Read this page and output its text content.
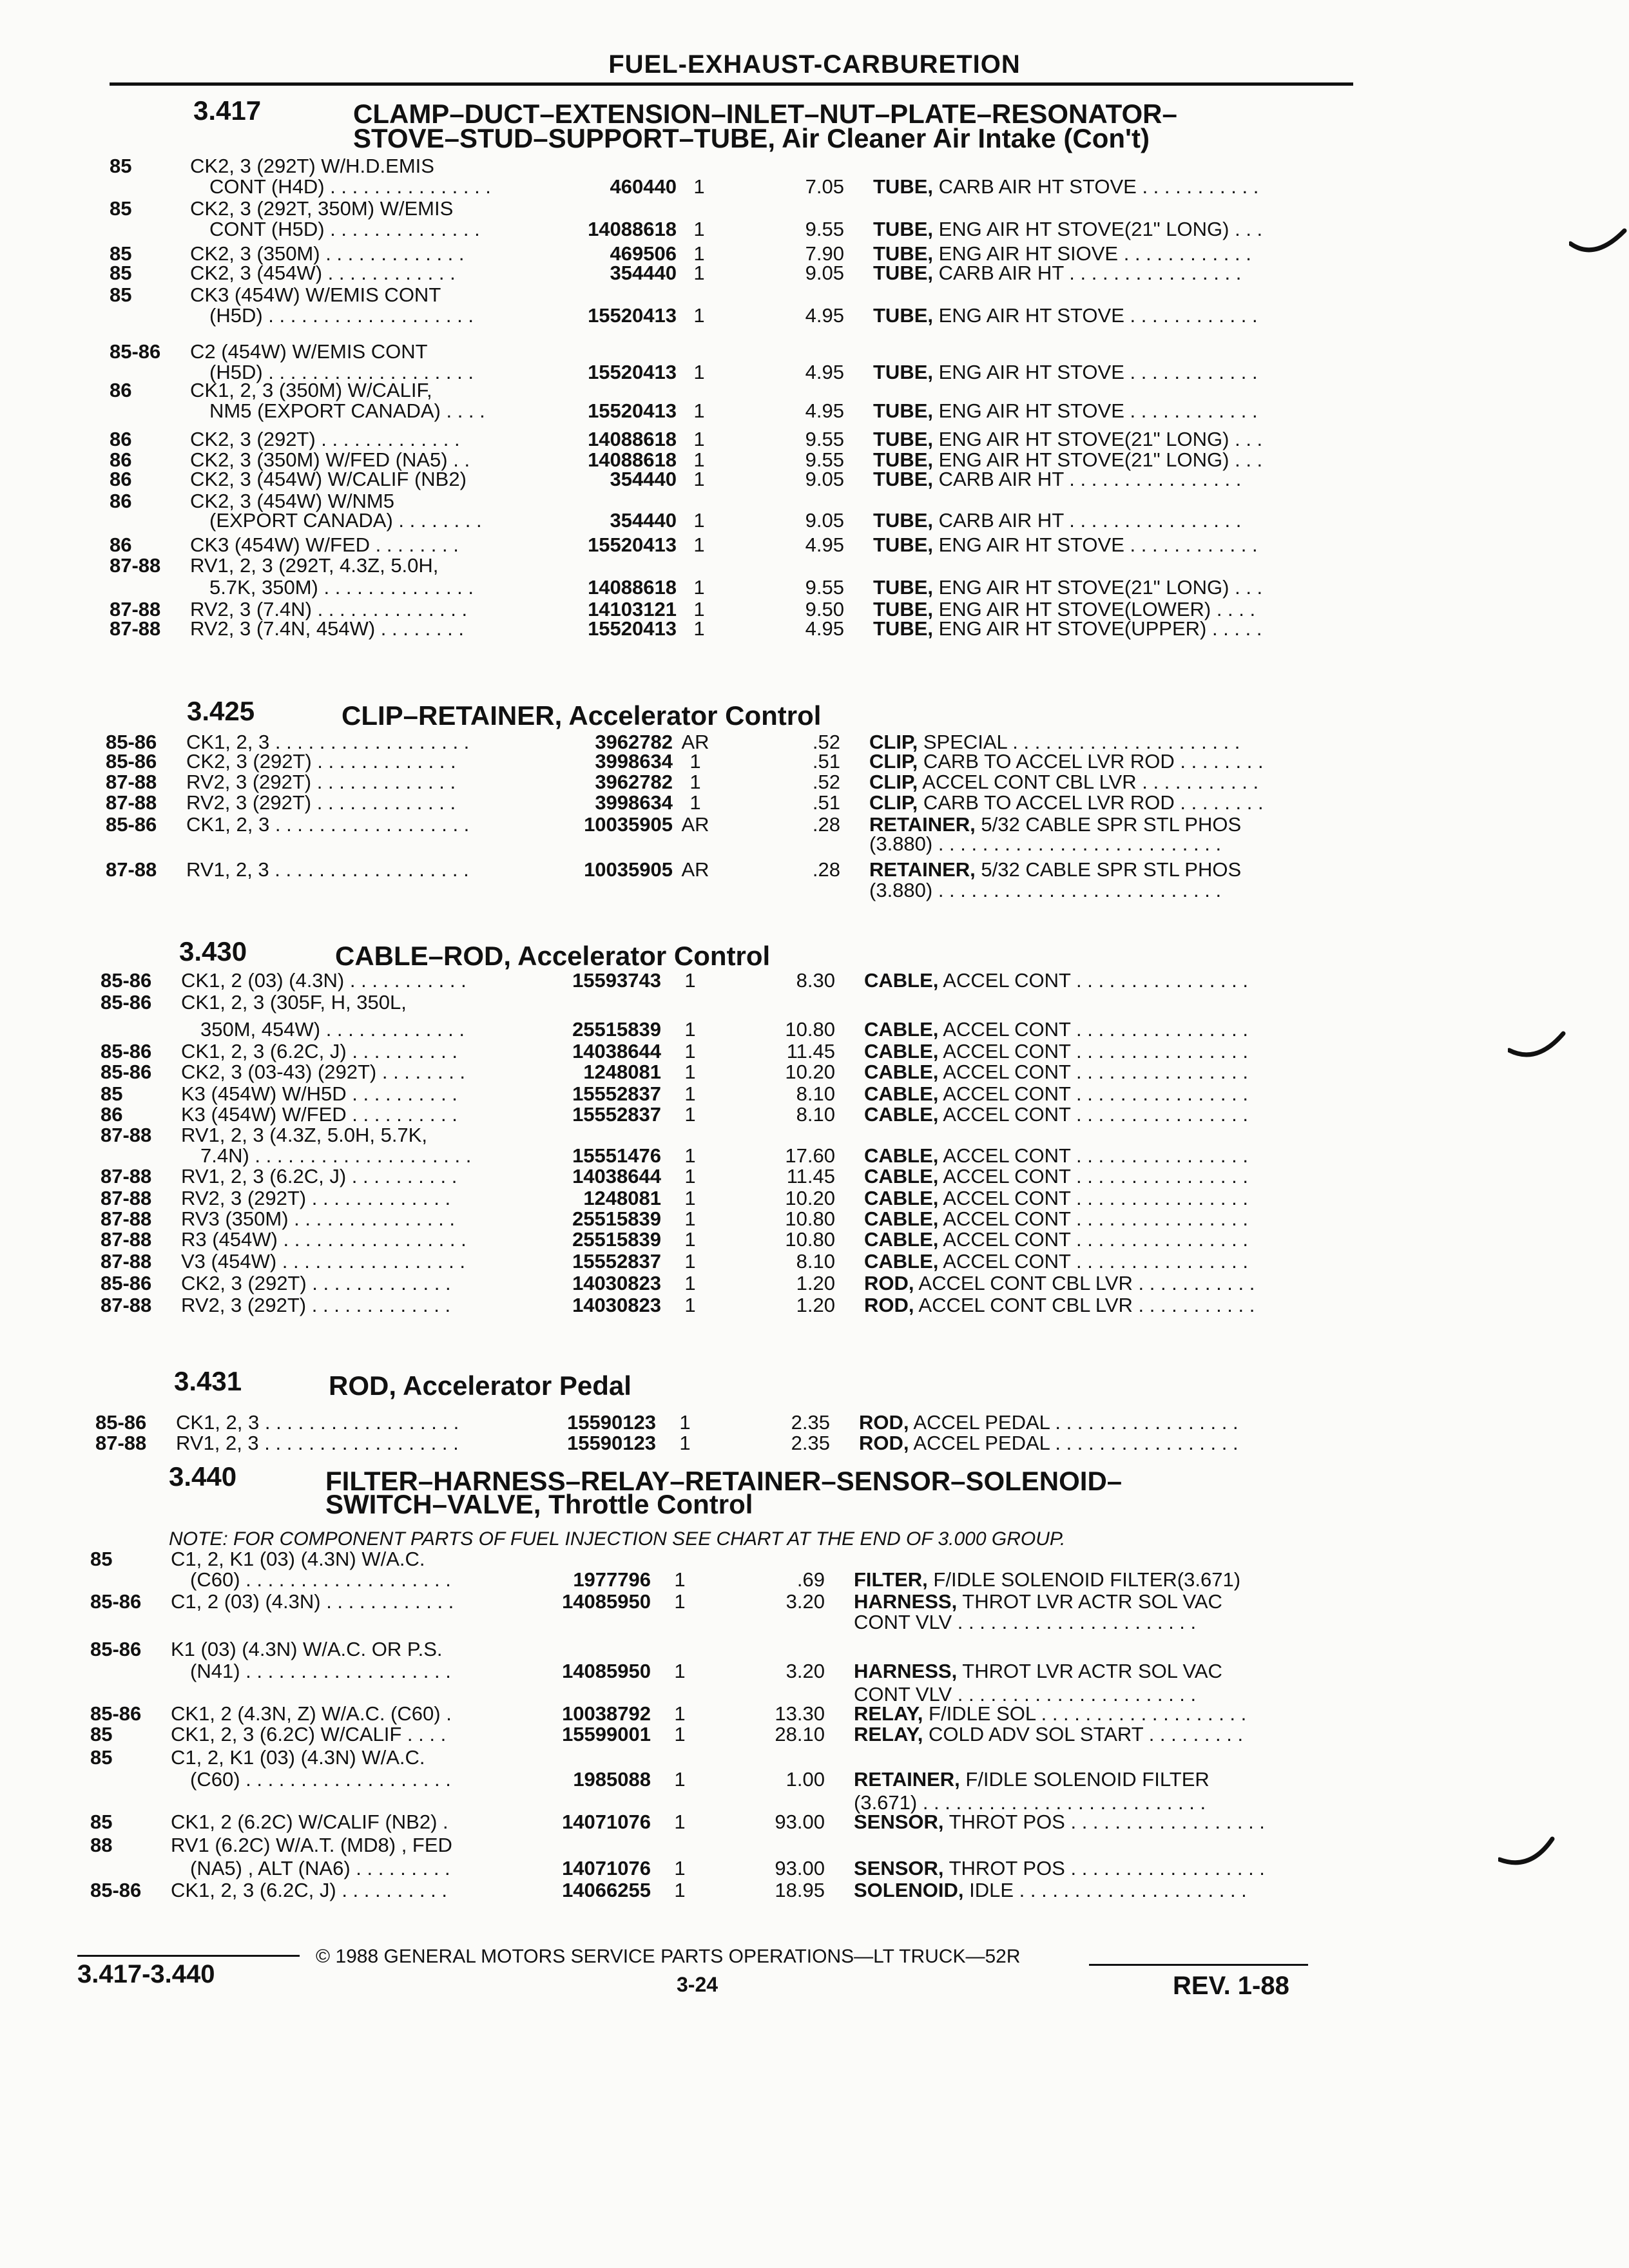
FUEL-EXHAUST-CARBURETION
3.417	CLAMP–DUCT–EXTENSION–INLET–NUT–PLATE–RESONATOR–
STOVE–STUD–SUPPORT–TUBE, Air Cleaner Air Intake (Con't)
3.425	CLIP–RETAINER, Accelerator Control
3.430	CABLE–ROD, Accelerator Control
3.431	ROD, Accelerator Pedal
3.440	FILTER–HARNESS–RELAY–RETAINER–SENSOR–SOLENOID–
SWITCH–VALVE, Throttle Control
NOTE: FOR COMPONENT PARTS OF FUEL INJECTION SEE CHART AT THE END OF 3.000 GROUP.
85	CK2, 3 (292T) W/H.D.EMIS
CONT (H4D) . . . . . . . . . . . . . . .	460440 1	7.05 TUBE, CARB AIR HT STOVE . . . . . . . . . . .
85	CK2, 3 (292T, 350M) W/EMIS
CONT (H5D) . . . . . . . . . . . . . .	14088618 1	9.55 TUBE, ENG AIR HT STOVE(21" LONG) . . .
85	CK2, 3 (350M) . . . . . . . . . . . . .	469506 1	7.90 TUBE, ENG AIR HT SIOVE . . . . . . . . . . . .
85	CK2, 3 (454W) . . . . . . . . . . . .	354440 1	9.05 TUBE, CARB AIR HT . . . . . . . . . . . . . . . .
85	CK3 (454W) W/EMIS CONT
(H5D) . . . . . . . . . . . . . . . . . . .	15520413 1	4.95 TUBE, ENG AIR HT STOVE . . . . . . . . . . . .
85-86 C2 (454W) W/EMIS CONT
(H5D) . . . . . . . . . . . . . . . . . . .	15520413 1	4.95 TUBE, ENG AIR HT STOVE . . . . . . . . . . . .
86	CK1, 2, 3 (350M) W/CALIF,
NM5 (EXPORT CANADA) . . . .	15520413 1	4.95 TUBE, ENG AIR HT STOVE . . . . . . . . . . . .
86	CK2, 3 (292T) . . . . . . . . . . . . .	14088618 1	9.55 TUBE, ENG AIR HT STOVE(21" LONG) . . .
86	CK2, 3 (350M) W/FED (NA5) . .	14088618 1	9.55 TUBE, ENG AIR HT STOVE(21" LONG) . . .
86	CK2, 3 (454W) W/CALIF (NB2)	354440 1	9.05 TUBE, CARB AIR HT . . . . . . . . . . . . . . . .
86	CK2, 3 (454W) W/NM5
(EXPORT CANADA) . . . . . . . .	354440 1	9.05 TUBE, CARB AIR HT . . . . . . . . . . . . . . . .
86	CK3 (454W) W/FED . . . . . . . .	15520413 1	4.95 TUBE, ENG AIR HT STOVE . . . . . . . . . . . .
87-88 RV1, 2, 3 (292T, 4.3Z, 5.0H,
5.7K, 350M) . . . . . . . . . . . . . .	14088618 1	9.55 TUBE, ENG AIR HT STOVE(21" LONG) . . .
87-88 RV2, 3 (7.4N) . . . . . . . . . . . . . .	14103121 1	9.50 TUBE, ENG AIR HT STOVE(LOWER) . . . .
87-88 RV2, 3 (7.4N, 454W) . . . . . . . .	15520413 1	4.95 TUBE, ENG AIR HT STOVE(UPPER) . . . . .
85-86 CK1, 2, 3 . . . . . . . . . . . . . . . . . .	3962782 AR	.52 CLIP, SPECIAL . . . . . . . . . . . . . . . . . . . . .
85-86 CK2, 3 (292T) . . . . . . . . . . . . .	3998634 1	.51 CLIP, CARB TO ACCEL LVR ROD . . . . . . . .
87-88 RV2, 3 (292T) . . . . . . . . . . . . .	3962782 1	.52 CLIP, ACCEL CONT CBL LVR . . . . . . . . . . .
87-88 RV2, 3 (292T) . . . . . . . . . . . . .	3998634 1	.51 CLIP, CARB TO ACCEL LVR ROD . . . . . . . .
85-86 CK1, 2, 3 . . . . . . . . . . . . . . . . . .	10035905 AR	.28 RETAINER, 5/32 CABLE SPR STL PHOS
(3.880) . . . . . . . . . . . . . . . . . . . . . . . . . .
87-88 RV1, 2, 3 . . . . . . . . . . . . . . . . . .	10035905 AR	.28 RETAINER, 5/32 CABLE SPR STL PHOS
(3.880) . . . . . . . . . . . . . . . . . . . . . . . . . .
85-86 CK1, 2 (03) (4.3N) . . . . . . . . . . .	15593743	1	8.30 CABLE, ACCEL CONT . . . . . . . . . . . . . . . .
85-86 CK1, 2, 3 (305F, H, 350L,
350M, 454W) . . . . . . . . . . . . .	25515839	1	10.80 CABLE, ACCEL CONT . . . . . . . . . . . . . . . .
85-86 CK1, 2, 3 (6.2C, J) . . . . . . . . . .	14038644	1	11.45 CABLE, ACCEL CONT . . . . . . . . . . . . . . . .
85-86 CK2, 3 (03-43) (292T) . . . . . . . .	1248081	1	10.20 CABLE, ACCEL CONT . . . . . . . . . . . . . . . .
85	K3 (454W) W/H5D . . . . . . . . . .	15552837	1	8.10 CABLE, ACCEL CONT . . . . . . . . . . . . . . . .
86	K3 (454W) W/FED . . . . . . . . . .	15552837	1	8.10 CABLE, ACCEL CONT . . . . . . . . . . . . . . . .
87-88 RV1, 2, 3 (4.3Z, 5.0H, 5.7K,
7.4N) . . . . . . . . . . . . . . . . . . . .	15551476	1	17.60 CABLE, ACCEL CONT . . . . . . . . . . . . . . . .
87-88 RV1, 2, 3 (6.2C, J) . . . . . . . . . .	14038644	1	11.45 CABLE, ACCEL CONT . . . . . . . . . . . . . . . .
87-88 RV2, 3 (292T) . . . . . . . . . . . . .	1248081	1	10.20 CABLE, ACCEL CONT . . . . . . . . . . . . . . . .
87-88 RV3 (350M) . . . . . . . . . . . . . . .	25515839	1	10.80 CABLE, ACCEL CONT . . . . . . . . . . . . . . . .
87-88 R3 (454W) . . . . . . . . . . . . . . . . .	25515839	1	10.80 CABLE, ACCEL CONT . . . . . . . . . . . . . . . .
87-88 V3 (454W) . . . . . . . . . . . . . . . . .	15552837	1	8.10 CABLE, ACCEL CONT . . . . . . . . . . . . . . . .
85-86 CK2, 3 (292T) . . . . . . . . . . . . .	14030823	1	1.20 ROD, ACCEL CONT CBL LVR . . . . . . . . . . .
87-88 RV2, 3 (292T) . . . . . . . . . . . . .	14030823	1	1.20 ROD, ACCEL CONT CBL LVR . . . . . . . . . . .
85-86 CK1, 2, 3 . . . . . . . . . . . . . . . . . .	15590123	1	2.35 ROD, ACCEL PEDAL . . . . . . . . . . . . . . . . .
87-88 RV1, 2, 3 . . . . . . . . . . . . . . . . . .	15590123	1	2.35 ROD, ACCEL PEDAL . . . . . . . . . . . . . . . . .
85	C1, 2, K1 (03) (4.3N) W/A.C.
(C60) . . . . . . . . . . . . . . . . . . .	1977796	1	.69 FILTER, F/IDLE SOLENOID FILTER(3.671)
85-86 C1, 2 (03) (4.3N) . . . . . . . . . . . .	14085950	1	3.20 HARNESS, THROT LVR ACTR SOL VAC
CONT VLV . . . . . . . . . . . . . . . . . . . . . .
85-86 K1 (03) (4.3N) W/A.C. OR P.S.
(N41) . . . . . . . . . . . . . . . . . . .	14085950	1	3.20 HARNESS, THROT LVR ACTR SOL VAC
CONT VLV . . . . . . . . . . . . . . . . . . . . . .
85-86 CK1, 2 (4.3N, Z) W/A.C. (C60) .	10038792	1	13.30 RELAY, F/IDLE SOL . . . . . . . . . . . . . . . . . . .
85	CK1, 2, 3 (6.2C) W/CALIF . . . .	15599001	1	28.10 RELAY, COLD ADV SOL START . . . . . . . . .
85	C1, 2, K1 (03) (4.3N) W/A.C.
(C60) . . . . . . . . . . . . . . . . . . .	1985088	1	1.00 RETAINER, F/IDLE SOLENOID FILTER
(3.671) . . . . . . . . . . . . . . . . . . . . . . . . . .
85	CK1, 2 (6.2C) W/CALIF (NB2) .	14071076	1	93.00 SENSOR, THROT POS . . . . . . . . . . . . . . . . . .
88	RV1 (6.2C) W/A.T. (MD8) , FED
(NA5) , ALT (NA6) . . . . . . . . .	14071076	1	93.00 SENSOR, THROT POS . . . . . . . . . . . . . . . . . .
85-86 CK1, 2, 3 (6.2C, J) . . . . . . . . . .	14066255	1	18.95 SOLENOID, IDLE . . . . . . . . . . . . . . . . . . . . .
© 1988 GENERAL MOTORS SERVICE PARTS OPERATIONS—LT TRUCK—52R
3.417-3.440	3-24	REV. 1-88
